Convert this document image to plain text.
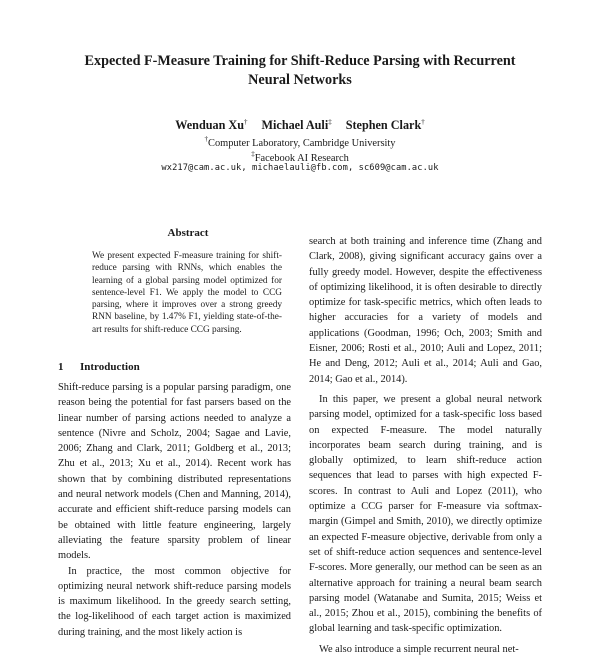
Expected F-Measure Training for Shift-Reduce Parsing with Recurrent
Neural Networks
Wenduan Xu† Michael Auli‡ Stephen Clark†
†Computer Laboratory, Cambridge University
‡Facebook AI Research
wx217@cam.ac.uk, michaelauli@fb.com, sc609@cam.ac.uk
Abstract
We present expected F-measure training for shift-reduce parsing with RNNs, which enables the learning of a global parsing model optimized for sentence-level F1. We apply the model to CCG parsing, where it improves over a strong greedy RNN baseline, by 1.47% F1, yielding state-of-the-art results for shift-reduce CCG parsing.
1 Introduction

Shift-reduce parsing is a popular parsing paradigm, one reason being the potential for fast parsers based on the linear number of parsing actions needed to analyze a sentence (Nivre and Scholz, 2004; Sagae and Lavie, 2006; Zhang and Clark, 2011; Goldberg et al., 2013; Zhu et al., 2013; Xu et al., 2014). Recent work has shown that by combining distributed representations and neural network models (Chen and Manning, 2014), accurate and efficient shift-reduce parsing models can be obtained with little feature engineering, largely alleviating the feature sparsity problem of linear models.

In practice, the most common objective for optimizing neural network shift-reduce parsing models is maximum likelihood. In the greedy search setting, the log-likelihood of each target action is maximized during training, and the most likely action is

search at both training and inference time (Zhang and Clark, 2008), giving significant accuracy gains over a fully greedy model. However, despite the effectiveness of optimizing likelihood, it is often desirable to directly optimize for task-specific metrics, which often leads to higher accuracies for a variety of models and applications (Goodman, 1996; Och, 2003; Smith and Eisner, 2006; Rosti et al., 2010; Auli and Lopez, 2011; He and Deng, 2012; Auli et al., 2014; Auli and Gao, 2014; Gao et al., 2014).

In this paper, we present a global neural network parsing model, optimized for a task-specific loss based on expected F-measure. The model naturally incorporates beam search during training, and is globally optimized, to learn shift-reduce action sequences that lead to parses with high expected F-scores. In contrast to Auli and Lopez (2011), who optimize a CCG parser for F-measure via softmax-margin (Gimpel and Smith, 2010), we directly optimize an expected F-measure objective, derivable from only a set of shift-reduce action sequences and sentence-level F-scores. More generally, our method can be seen as an alternative approach for training a neural beam search parsing model (Watanabe and Sumita, 2015; Weiss et al., 2015; Zhou et al., 2015), combining the benefits of global learning and task-specific optimization.

We also introduce a simple recurrent neural net-
